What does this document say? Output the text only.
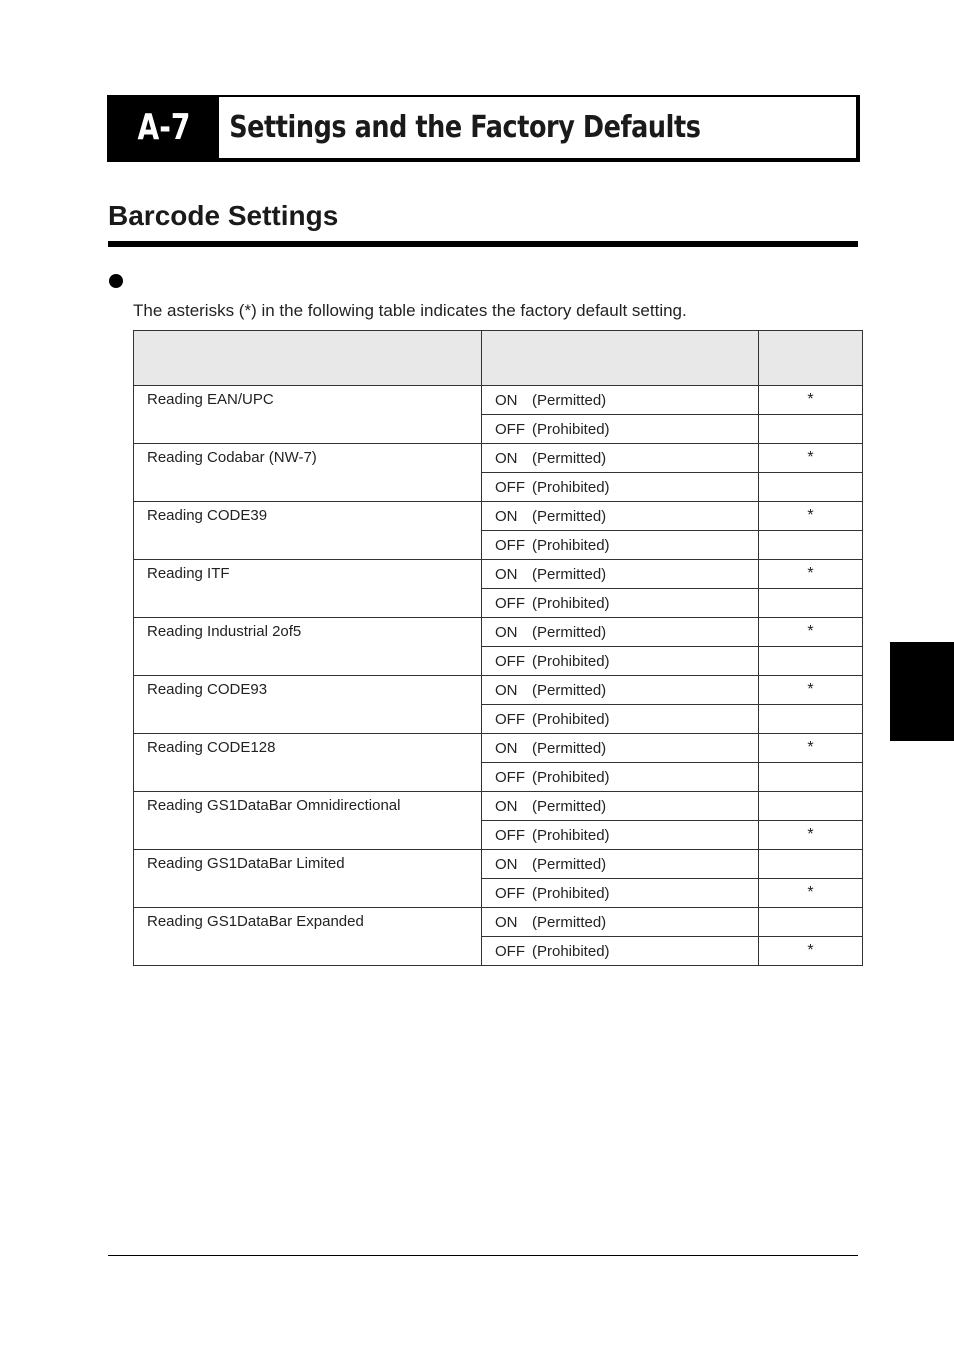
A-7	Settings and the Factory Defaults
Barcode Settings
The asterisks (*) in the following table indicates the factory default setting.

Reading EAN/UPC	ON (Permitted)	*
	OFF (Prohibited)	
Reading Codabar (NW-7)	ON (Permitted)	*
	OFF (Prohibited)	
Reading CODE39	ON (Permitted)	*
	OFF (Prohibited)	
Reading ITF	ON (Permitted)	*
	OFF (Prohibited)	
Reading Industrial 2of5	ON (Permitted)	*
	OFF (Prohibited)	
Reading CODE93	ON (Permitted)	*
	OFF (Prohibited)	
Reading CODE128	ON (Permitted)	*
	OFF (Prohibited)	
Reading GS1DataBar Omnidirectional	ON (Permitted)	
	OFF (Prohibited)	*
Reading GS1DataBar Limited	ON (Permitted)	
	OFF (Prohibited)	*
Reading GS1DataBar Expanded	ON (Permitted)	
	OFF (Prohibited)	*
